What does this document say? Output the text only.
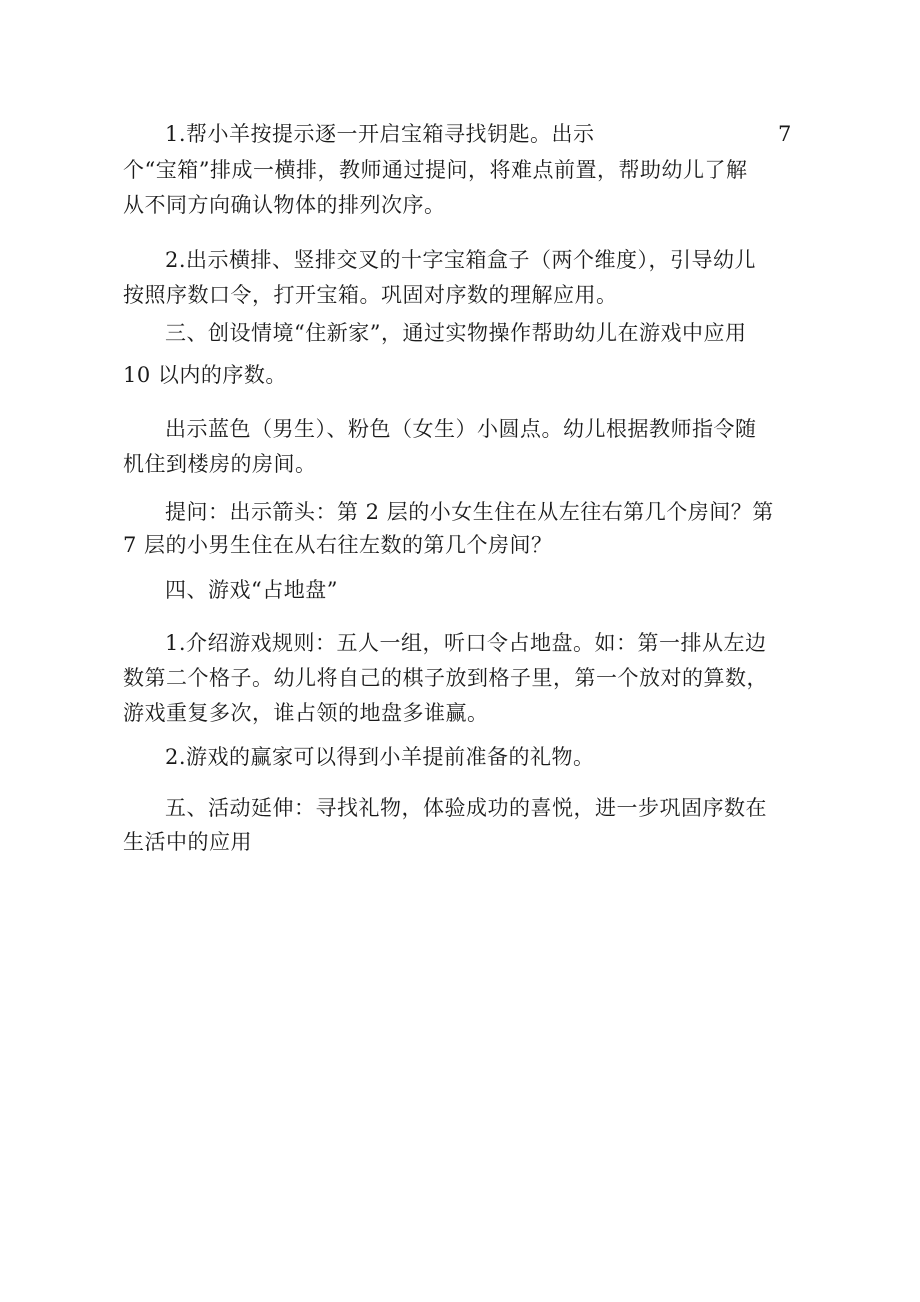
1.帮小羊按提示逐一开启宝箱寻找钥匙。出示	7
个“宝箱”排成一横排，教师通过提问，将难点前置，帮助幼儿了解
从不同方向确认物体的排列次序。
2.出示横排、竖排交叉的十字宝箱盒子（两个维度），引导幼儿
按照序数口令，打开宝箱。巩固对序数的理解应用。
三、创设情境“住新家”，通过实物操作帮助幼儿在游戏中应用
10 以内的序数。
出示蓝色（男生）、粉色（女生）小圆点。幼儿根据教师指令随
机住到楼房的房间。
提问：出示箭头：第 2 层的小女生住在从左往右第几个房间？第
7 层的小男生住在从右往左数的第几个房间？
四、游戏“占地盘”
1.介绍游戏规则：五人一组，听口令占地盘。如：第一排从左边
数第二个格子。幼儿将自己的棋子放到格子里，第一个放对的算数，
游戏重复多次，谁占领的地盘多谁赢。
2.游戏的赢家可以得到小羊提前准备的礼物。
五、活动延伸：寻找礼物，体验成功的喜悦，进一步巩固序数在
生活中的应用
